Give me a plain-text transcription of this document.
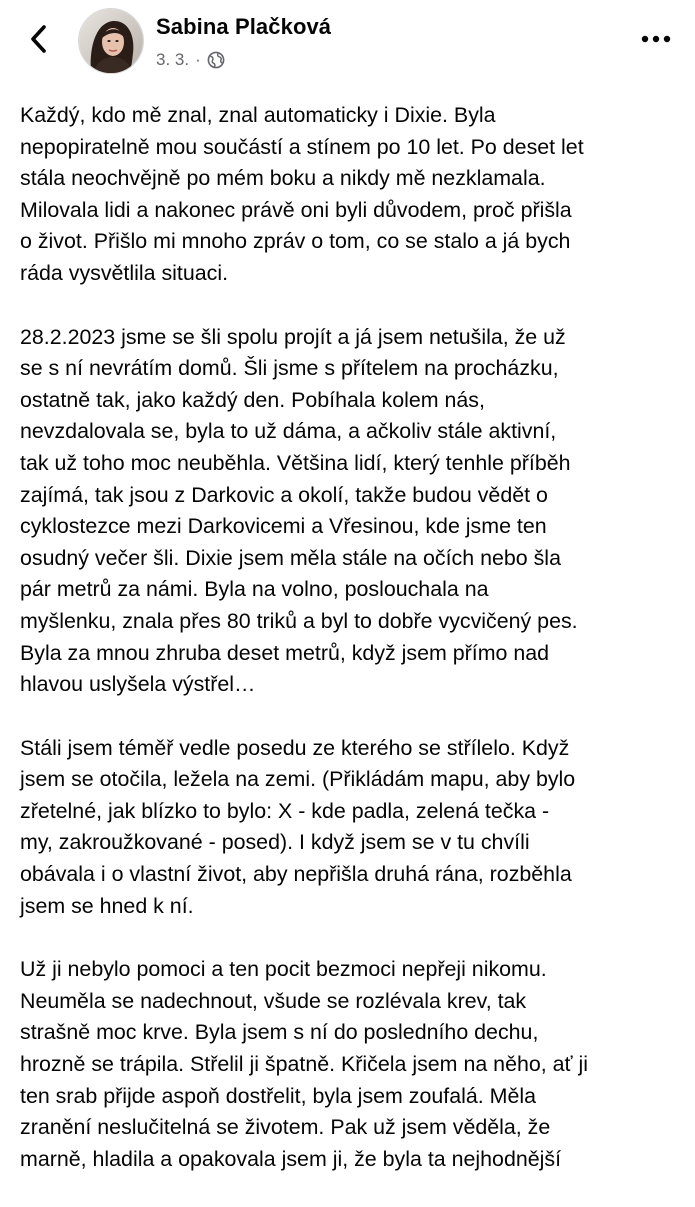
Sabina Plačková
3. 3. ·

Každý, kdo mě znal, znal automaticky i Dixie. Byla
nepopiratelně mou součástí a stínem po 10 let. Po deset let
stála neochvějně po mém boku a nikdy mě nezklamala.
Milovala lidi a nakonec právě oni byli důvodem, proč přišla
o život. Přišlo mi mnoho zpráv o tom, co se stalo a já bych
ráda vysvětlila situaci.

28.2.2023 jsme se šli spolu projít a já jsem netušila, že už
se s ní nevrátím domů. Šli jsme s přítelem na procházku,
ostatně tak, jako každý den. Pobíhala kolem nás,
nevzdalovala se, byla to už dáma, a ačkoliv stále aktivní,
tak už toho moc neuběhla. Většina lidí, který tenhle příběh
zajímá, tak jsou z Darkovic a okolí, takže budou vědět o
cyklostezce mezi Darkovicemi a Vřesinou, kde jsme ten
osudný večer šli. Dixie jsem měla stále na očích nebo šla
pár metrů za námi. Byla na volno, poslouchala na
myšlenku, znala přes 80 triků a byl to dobře vycvičený pes.
Byla za mnou zhruba deset metrů, když jsem přímo nad
hlavou uslyšela výstřel…

Stáli jsem téměř vedle posedu ze kterého se střílelo. Když
jsem se otočila, ležela na zemi. (Přikládám mapu, aby bylo
zřetelné, jak blízko to bylo: X - kde padla, zelená tečka -
my, zakroužkované - posed). I když jsem se v tu chvíli
obávala i o vlastní život, aby nepřišla druhá rána, rozběhla
jsem se hned k ní.

Už ji nebylo pomoci a ten pocit bezmoci nepřeji nikomu.
Neuměla se nadechnout, všude se rozlévala krev, tak
strašně moc krve. Byla jsem s ní do posledního dechu,
hrozně se trápila. Střelil ji špatně. Křičela jsem na něho, ať ji
ten srab přijde aspoň dostřelit, byla jsem zoufalá. Měla
zranění neslučitelná se životem. Pak už jsem věděla, že
marně, hladila a opakovala jsem ji, že byla ta nejhodnější
